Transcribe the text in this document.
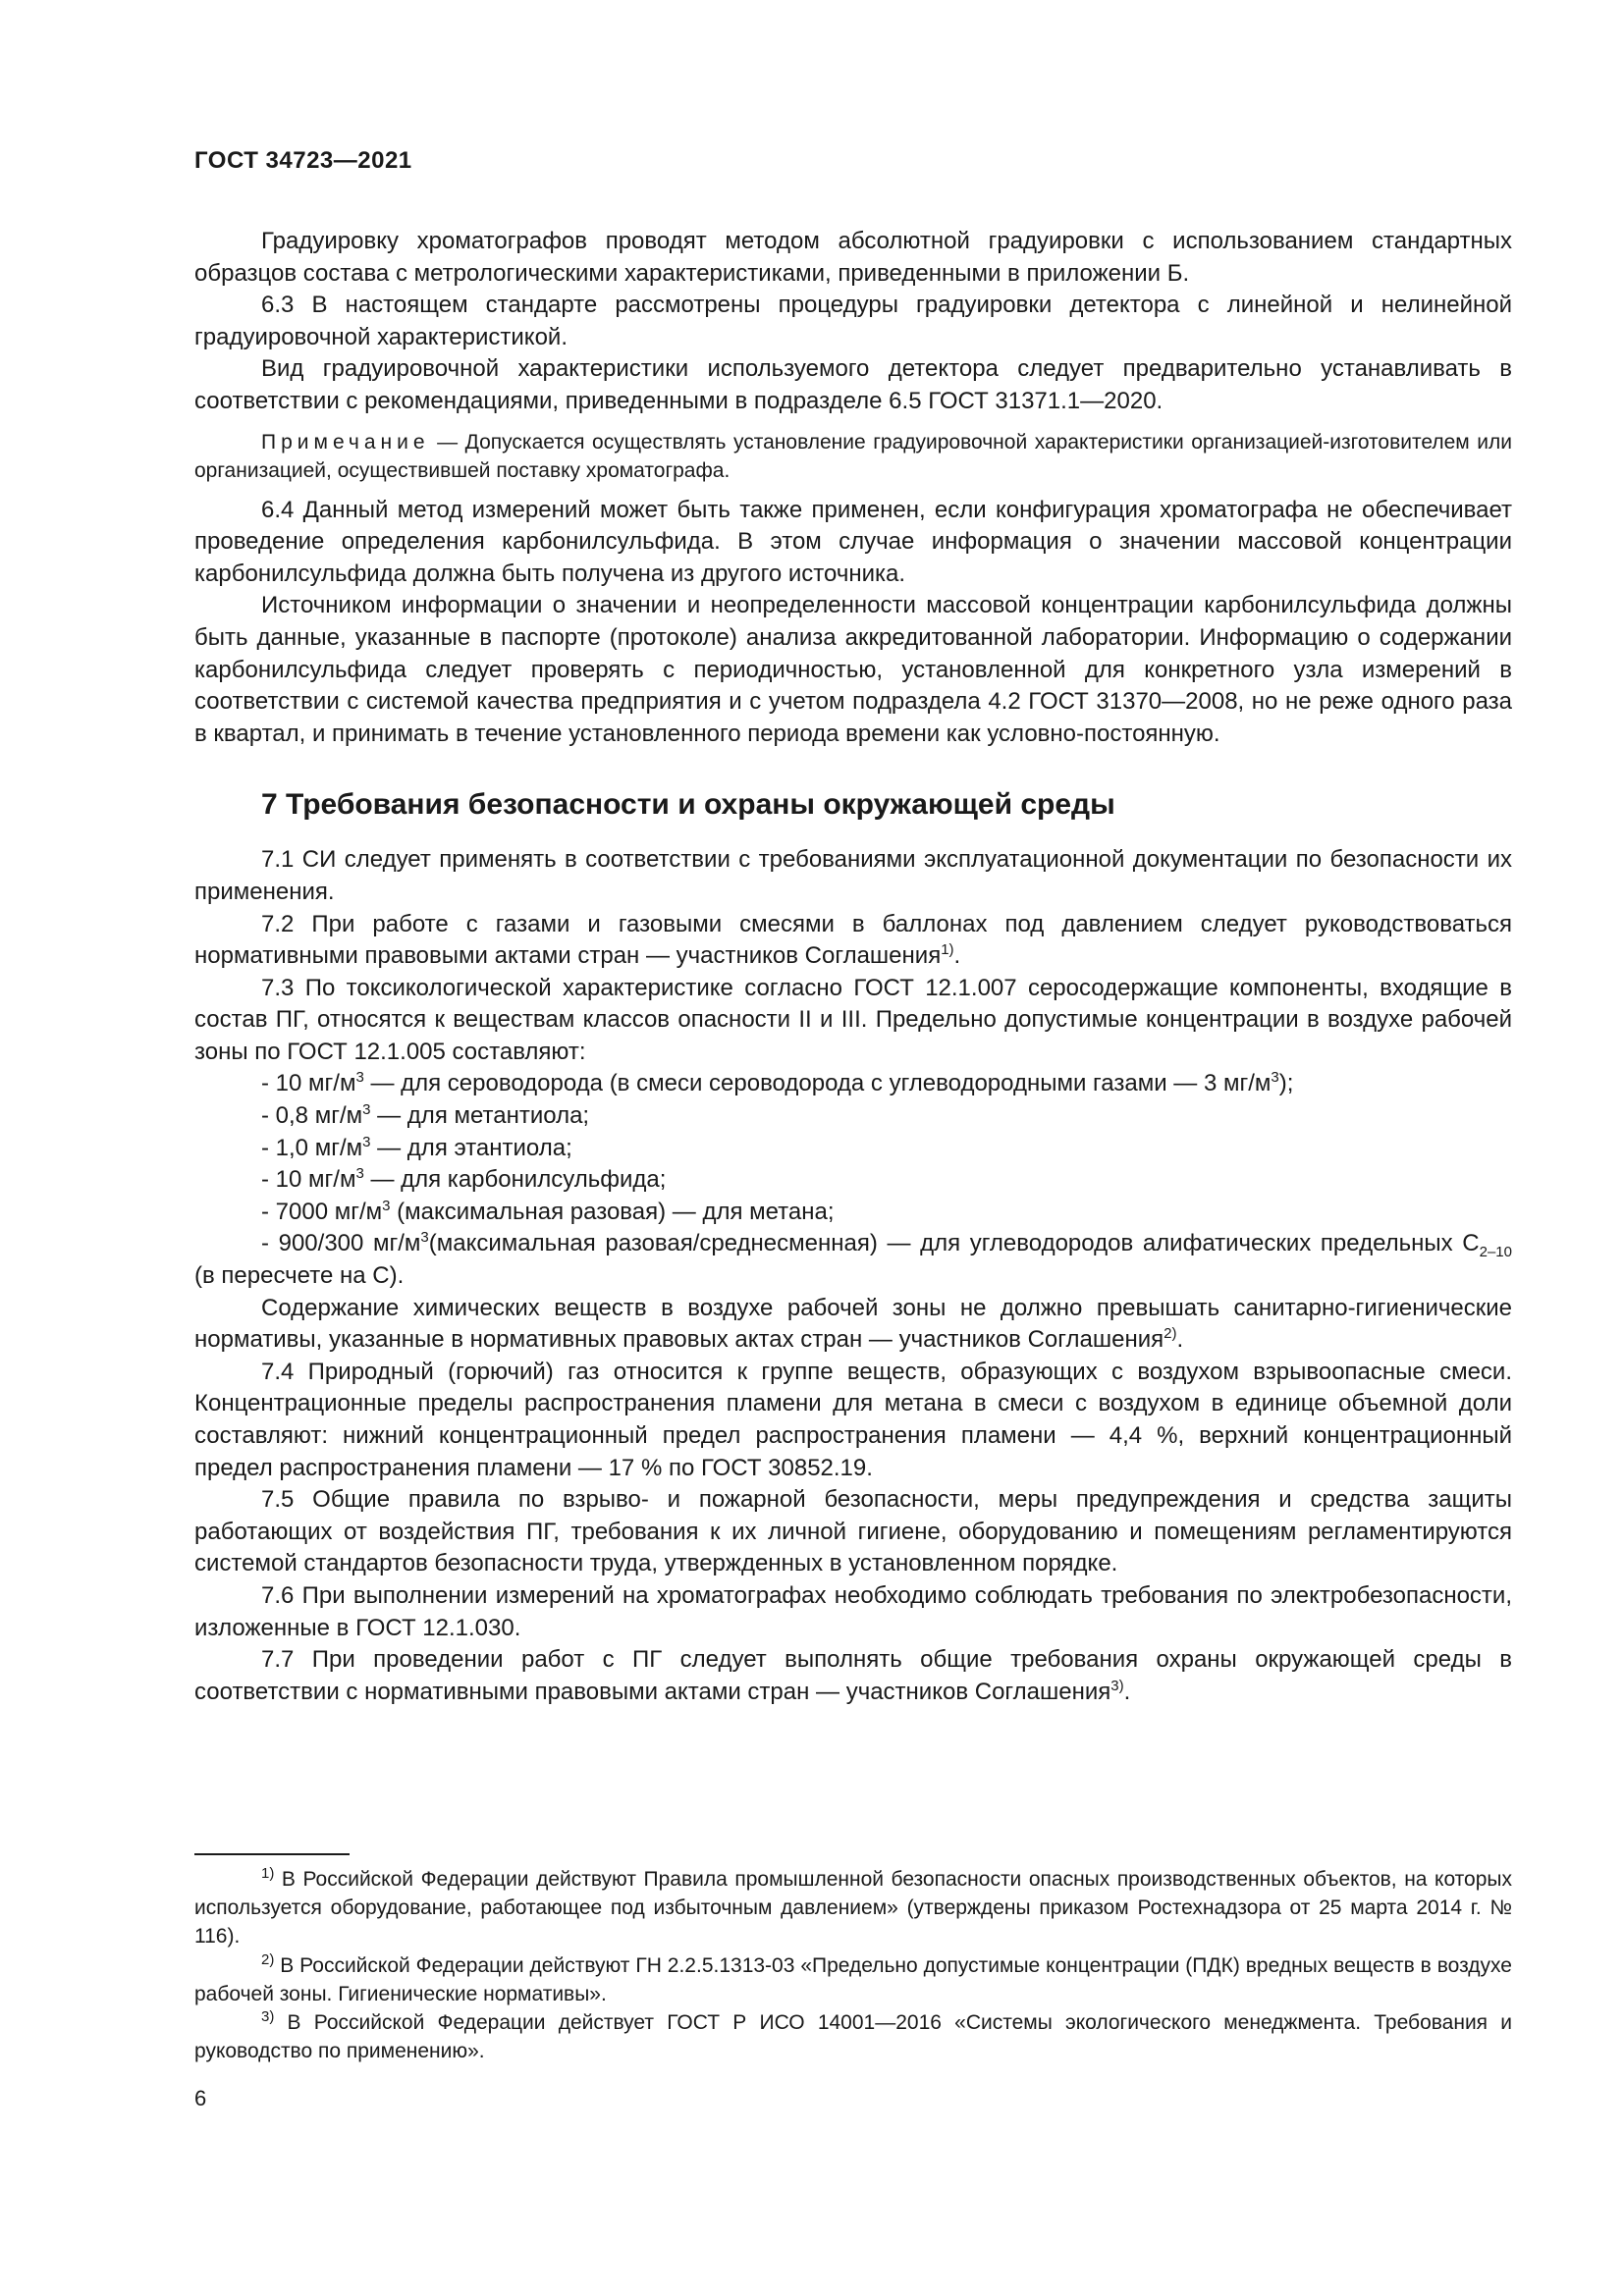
ГОСТ 34723—2021

Градуировку хроматографов проводят методом абсолютной градуировки с использованием стандартных образцов состава с метрологическими характеристиками, приведенными в приложении Б.

6.3 В настоящем стандарте рассмотрены процедуры градуировки детектора с линейной и нелинейной градуировочной характеристикой.

Вид градуировочной характеристики используемого детектора следует предварительно устанавливать в соответствии с рекомендациями, приведенными в подразделе 6.5 ГОСТ 31371.1—2020.

Примечание — Допускается осуществлять установление градуировочной характеристики организацией-изготовителем или организацией, осуществившей поставку хроматографа.

6.4 Данный метод измерений может быть также применен, если конфигурация хроматографа не обеспечивает проведение определения карбонилсульфида. В этом случае информация о значении массовой концентрации карбонилсульфида должна быть получена из другого источника.

Источником информации о значении и неопределенности массовой концентрации карбонилсульфида должны быть данные, указанные в паспорте (протоколе) анализа аккредитованной лаборатории. Информацию о содержании карбонилсульфида следует проверять с периодичностью, установленной для конкретного узла измерений в соответствии с системой качества предприятия и с учетом подраздела 4.2 ГОСТ 31370—2008, но не реже одного раза в квартал, и принимать в течение установленного периода времени как условно-постоянную.

7 Требования безопасности и охраны окружающей среды

7.1 СИ следует применять в соответствии с требованиями эксплуатационной документации по безопасности их применения.

7.2 При работе с газами и газовыми смесями в баллонах под давлением следует руководствоваться нормативными правовыми актами стран — участников Соглашения$^{1)}$.

7.3 По токсикологической характеристике согласно ГОСТ 12.1.007 серосодержащие компоненты, входящие в состав ПГ, относятся к веществам классов опасности II и III. Предельно допустимые концентрации в воздухе рабочей зоны по ГОСТ 12.1.005 составляют:

- 10 $мг/м^3$ — для сероводорода (в смеси сероводорода с углеводородными газами — 3 $мг/м^3$);

- 0,8 $мг/м^3$ — для метантиола;

- 1,0 $мг/м^3$ — для этантиола;

- 10 $мг/м^3$ — для карбонилсульфида;

- 7000 $мг/м^3$ (максимальная разовая) — для метана;

- 900/300 $мг/м^3(максимальная$ разовая/среднесменная) — для углеводородов алифатических предельных $С_{2-10}$ (в пересчете на С).

Содержание химических веществ в воздухе рабочей зоны не должно превышать санитарно-гигиенические нормативы, указанные в нормативных правовых актах стран — участников Соглашения$^{2)}$.

7.4 Природный (горючий) газ относится к группе веществ, образующих с воздухом взрывоопасные смеси. Концентрационные пределы распространения пламени для метана в смеси с воздухом в единице объемной доли составляют: нижний концентрационный предел распространения пламени — 4,4 %, верхний концентрационный предел распространения пламени — 17 % по ГОСТ 30852.19.

7.5 Общие правила по взрыво- и пожарной безопасности, меры предупреждения и средства защиты работающих от воздействия ПГ, требования к их личной гигиене, оборудованию и помещениям регламентируются системой стандартов безопасности труда, утвержденных в установленном порядке.

7.6 При выполнении измерений на хроматографах необходимо соблюдать требования по электробезопасности, изложенные в ГОСТ 12.1.030.

7.7 При проведении работ с ПГ следует выполнять общие требования охраны окружающей среды в соответствии с нормативными правовыми актами стран — участников Соглашения$^{3)}$.

$^{1)}$ В Российской Федерации действуют Правила промышленной безопасности опасных производственных объектов, на которых используется оборудование, работающее под избыточным давлением» (утверждены приказом Ростехнадзора от 25 марта 2014 г. № 116).

$^{2)}$ В Российской Федерации действуют ГН 2.2.5.1313-03 «Предельно допустимые концентрации (ПДК) вредных веществ в воздухе рабочей зоны. Гигиенические нормативы».

$^{3)}$ В Российской Федерации действует ГОСТ Р ИСО 14001—2016 «Системы экологического менеджмента. Требования и руководство по применению».

6
